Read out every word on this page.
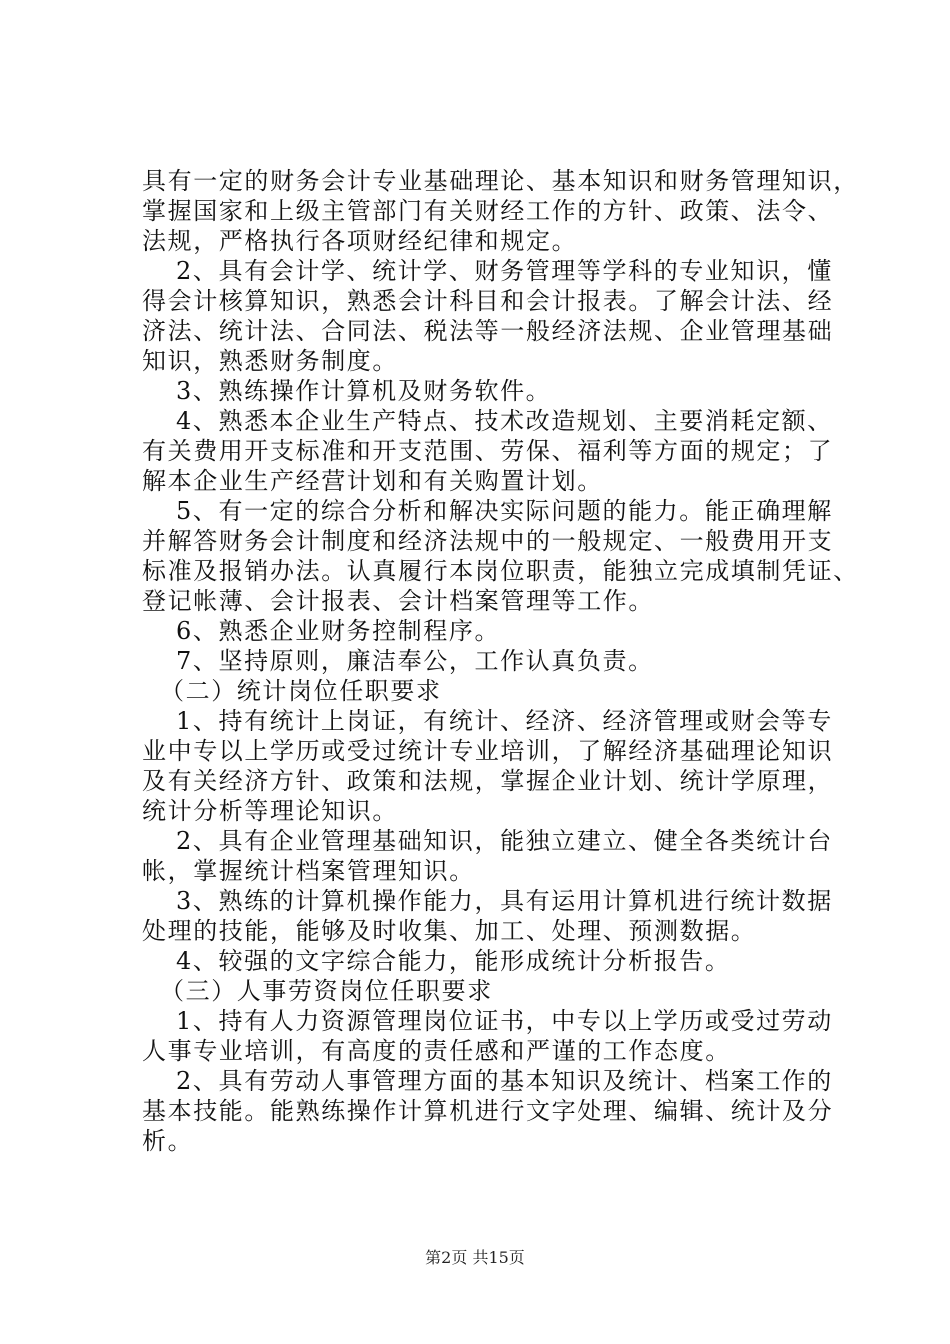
具有一定的财务会计专业基础理论、基本知识和财务管理知识，
掌握国家和上级主管部门有关财经工作的方针、政策、法令、
法规，严格执行各项财经纪律和规定。
2、具有会计学、统计学、财务管理等学科的专业知识，懂
得会计核算知识，熟悉会计科目和会计报表。了解会计法、经
济法、统计法、合同法、税法等一般经济法规、企业管理基础
知识，熟悉财务制度。
3、熟练操作计算机及财务软件。
4、熟悉本企业生产特点、技术改造规划、主要消耗定额、
有关费用开支标准和开支范围、劳保、福利等方面的规定；了
解本企业生产经营计划和有关购置计划。
5、有一定的综合分析和解决实际问题的能力。能正确理解
并解答财务会计制度和经济法规中的一般规定、一般费用开支
标准及报销办法。认真履行本岗位职责，能独立完成填制凭证、
登记帐薄、会计报表、会计档案管理等工作。
6、熟悉企业财务控制程序。
7、坚持原则，廉洁奉公，工作认真负责。
（二）统计岗位任职要求
1、持有统计上岗证，有统计、经济、经济管理或财会等专
业中专以上学历或受过统计专业培训，了解经济基础理论知识
及有关经济方针、政策和法规，掌握企业计划、统计学原理，
统计分析等理论知识。
2、具有企业管理基础知识，能独立建立、健全各类统计台
帐，掌握统计档案管理知识。
3、熟练的计算机操作能力，具有运用计算机进行统计数据
处理的技能，能够及时收集、加工、处理、预测数据。
4、较强的文字综合能力，能形成统计分析报告。
（三）人事劳资岗位任职要求
1、持有人力资源管理岗位证书，中专以上学历或受过劳动
人事专业培训，有高度的责任感和严谨的工作态度。
2、具有劳动人事管理方面的基本知识及统计、档案工作的
基本技能。能熟练操作计算机进行文字处理、编辑、统计及分
析。
第2页 共15页
